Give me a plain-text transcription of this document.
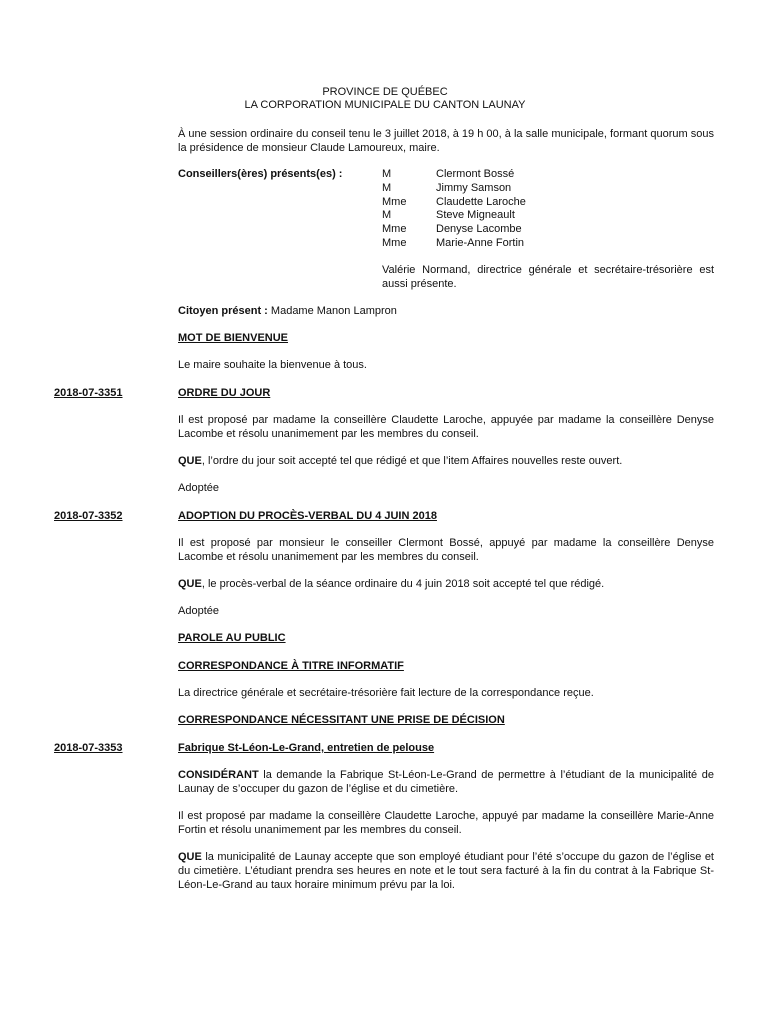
PROVINCE DE QUÉBEC
LA CORPORATION MUNICIPALE DU CANTON LAUNAY
À une session ordinaire du conseil tenu le 3 juillet 2018, à 19 h 00, à la salle municipale, formant quorum sous la présidence de monsieur Claude Lamoureux, maire.
Conseillers(ères) présents(es) :	M	Clermont Bossé
M	Jimmy Samson
Mme	Claudette Laroche
M	Steve Migneault
Mme	Denyse Lacombe
Mme	Marie-Anne Fortin
Valérie Normand, directrice générale et secrétaire-trésorière est aussi présente.
Citoyen présent : Madame Manon Lampron
MOT DE BIENVENUE
Le maire souhaite la bienvenue à tous.
2018-07-3351	ORDRE DU JOUR
Il est proposé par madame la conseillère Claudette Laroche, appuyée par madame la conseillère Denyse Lacombe et résolu unanimement par les membres du conseil.
QUE, l’ordre du jour soit accepté tel que rédigé et que l’item Affaires nouvelles reste ouvert.
Adoptée
2018-07-3352	ADOPTION DU PROCÈS-VERBAL DU 4 JUIN 2018
Il est proposé par monsieur le conseiller Clermont Bossé, appuyé par madame la conseillère Denyse Lacombe et résolu unanimement par les membres du conseil.
QUE, le procès-verbal de la séance ordinaire du 4 juin 2018 soit accepté tel que rédigé.
Adoptée
PAROLE AU PUBLIC
CORRESPONDANCE À TITRE INFORMATIF
La directrice générale et secrétaire-trésorière fait lecture de la correspondance reçue.
CORRESPONDANCE NÉCESSITANT UNE PRISE DE DÉCISION
2018-07-3353	Fabrique St-Léon-Le-Grand, entretien de pelouse
CONSIDÉRANT la demande la Fabrique St-Léon-Le-Grand de permettre à l’étudiant de la municipalité de Launay de s’occuper du gazon de l’église et du cimetière.
Il est proposé par madame la conseillère Claudette Laroche, appuyé par madame la conseillère Marie-Anne Fortin et résolu unanimement par les membres du conseil.
QUE la municipalité de Launay accepte que son employé étudiant pour l’été s’occupe du gazon de l’église et du cimetière. L’étudiant prendra ses heures en note et le tout sera facturé à la fin du contrat à la Fabrique St-Léon-Le-Grand au taux horaire minimum prévu par la loi.
